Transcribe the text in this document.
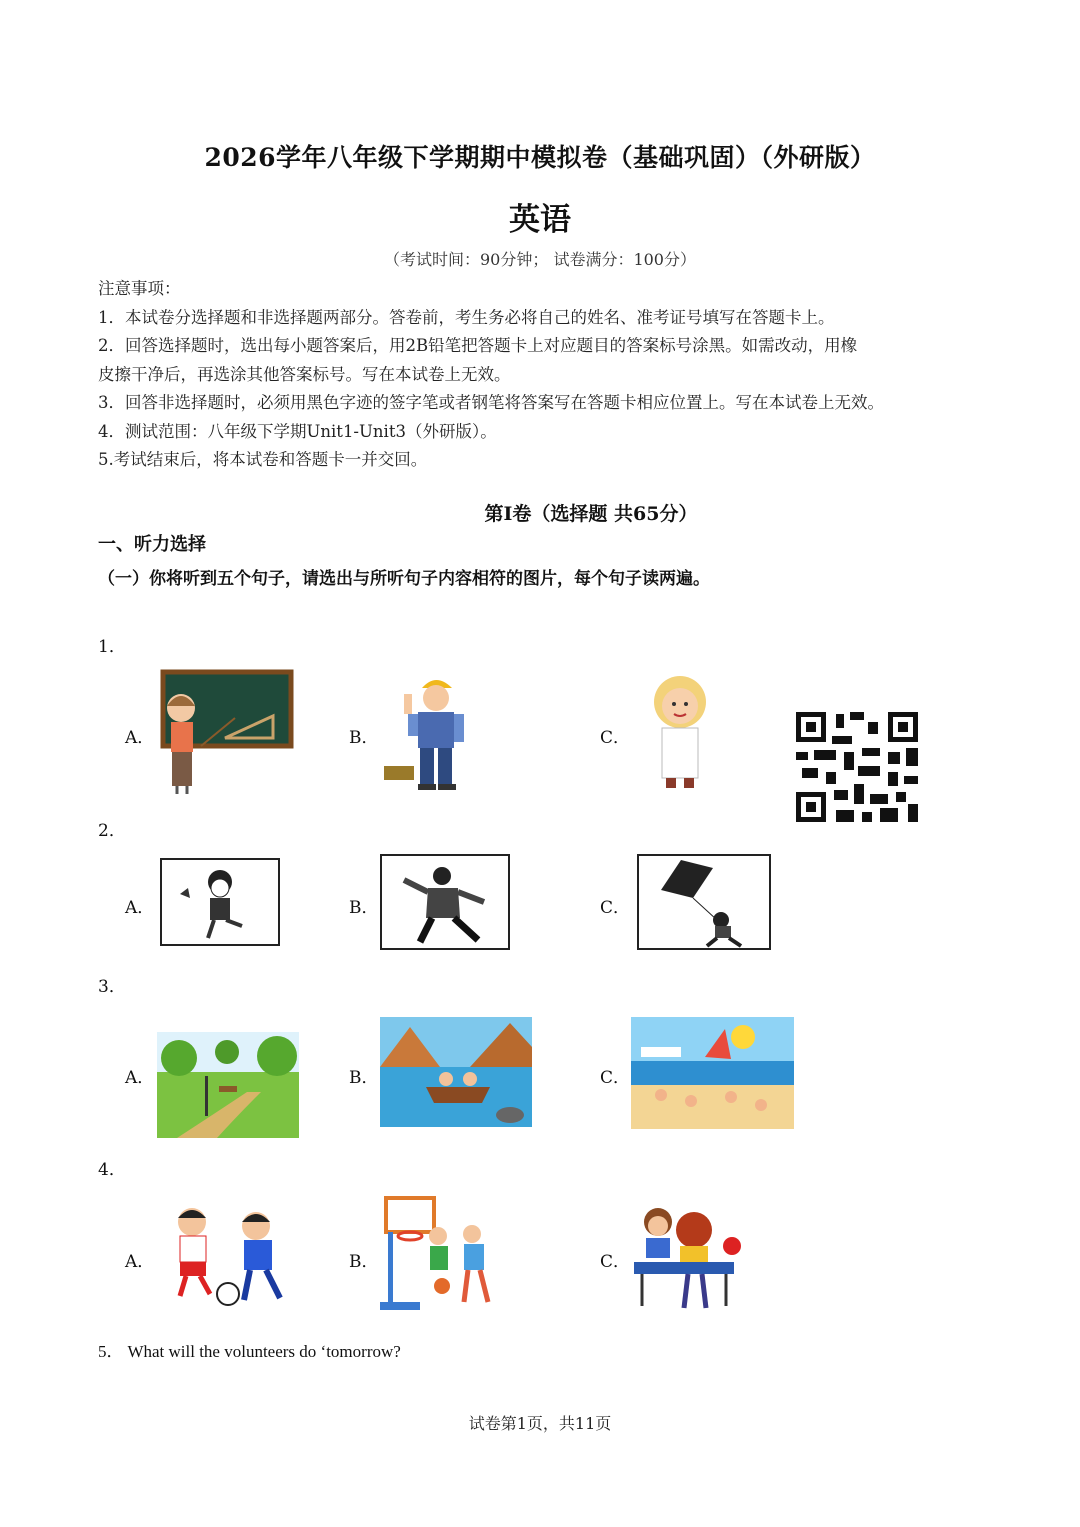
2026学年八年级下学期期中模拟卷（基础巩固）（外研版）
英语
（考试时间：90分钟； 试卷满分：100分）
注意事项：
1．本试卷分选择题和非选择题两部分。答卷前，考生务必将自己的姓名、准考证号填写在答题卡上。
2．回答选择题时，选出每小题答案后，用2B铅笔把答题卡上对应题目的答案标号涂黑。如需改动，用橡
皮擦干净后，再选涂其他答案标号。写在本试卷上无效。
3．回答非选择题时，必须用黑色字迹的签字笔或者钢笔将答案写在答题卡相应位置上。写在本试卷上无效。
4．测试范围：八年级下学期Unit1-Unit3（外研版）。
5.考试结束后，将本试卷和答题卡一并交回。
第Ⅰ卷（选择题 共65分）
一、听力选择
（一）你将听到五个句子，请选出与所听句子内容相符的图片，每个句子读两遍。
1．
A．	B．	C．
2．
A．	B．	C．
3．
A．	B．	C．
4．
A．	B．	C．
5． What will the volunteers do ‘tomorrow?
试卷第1页，共11页
